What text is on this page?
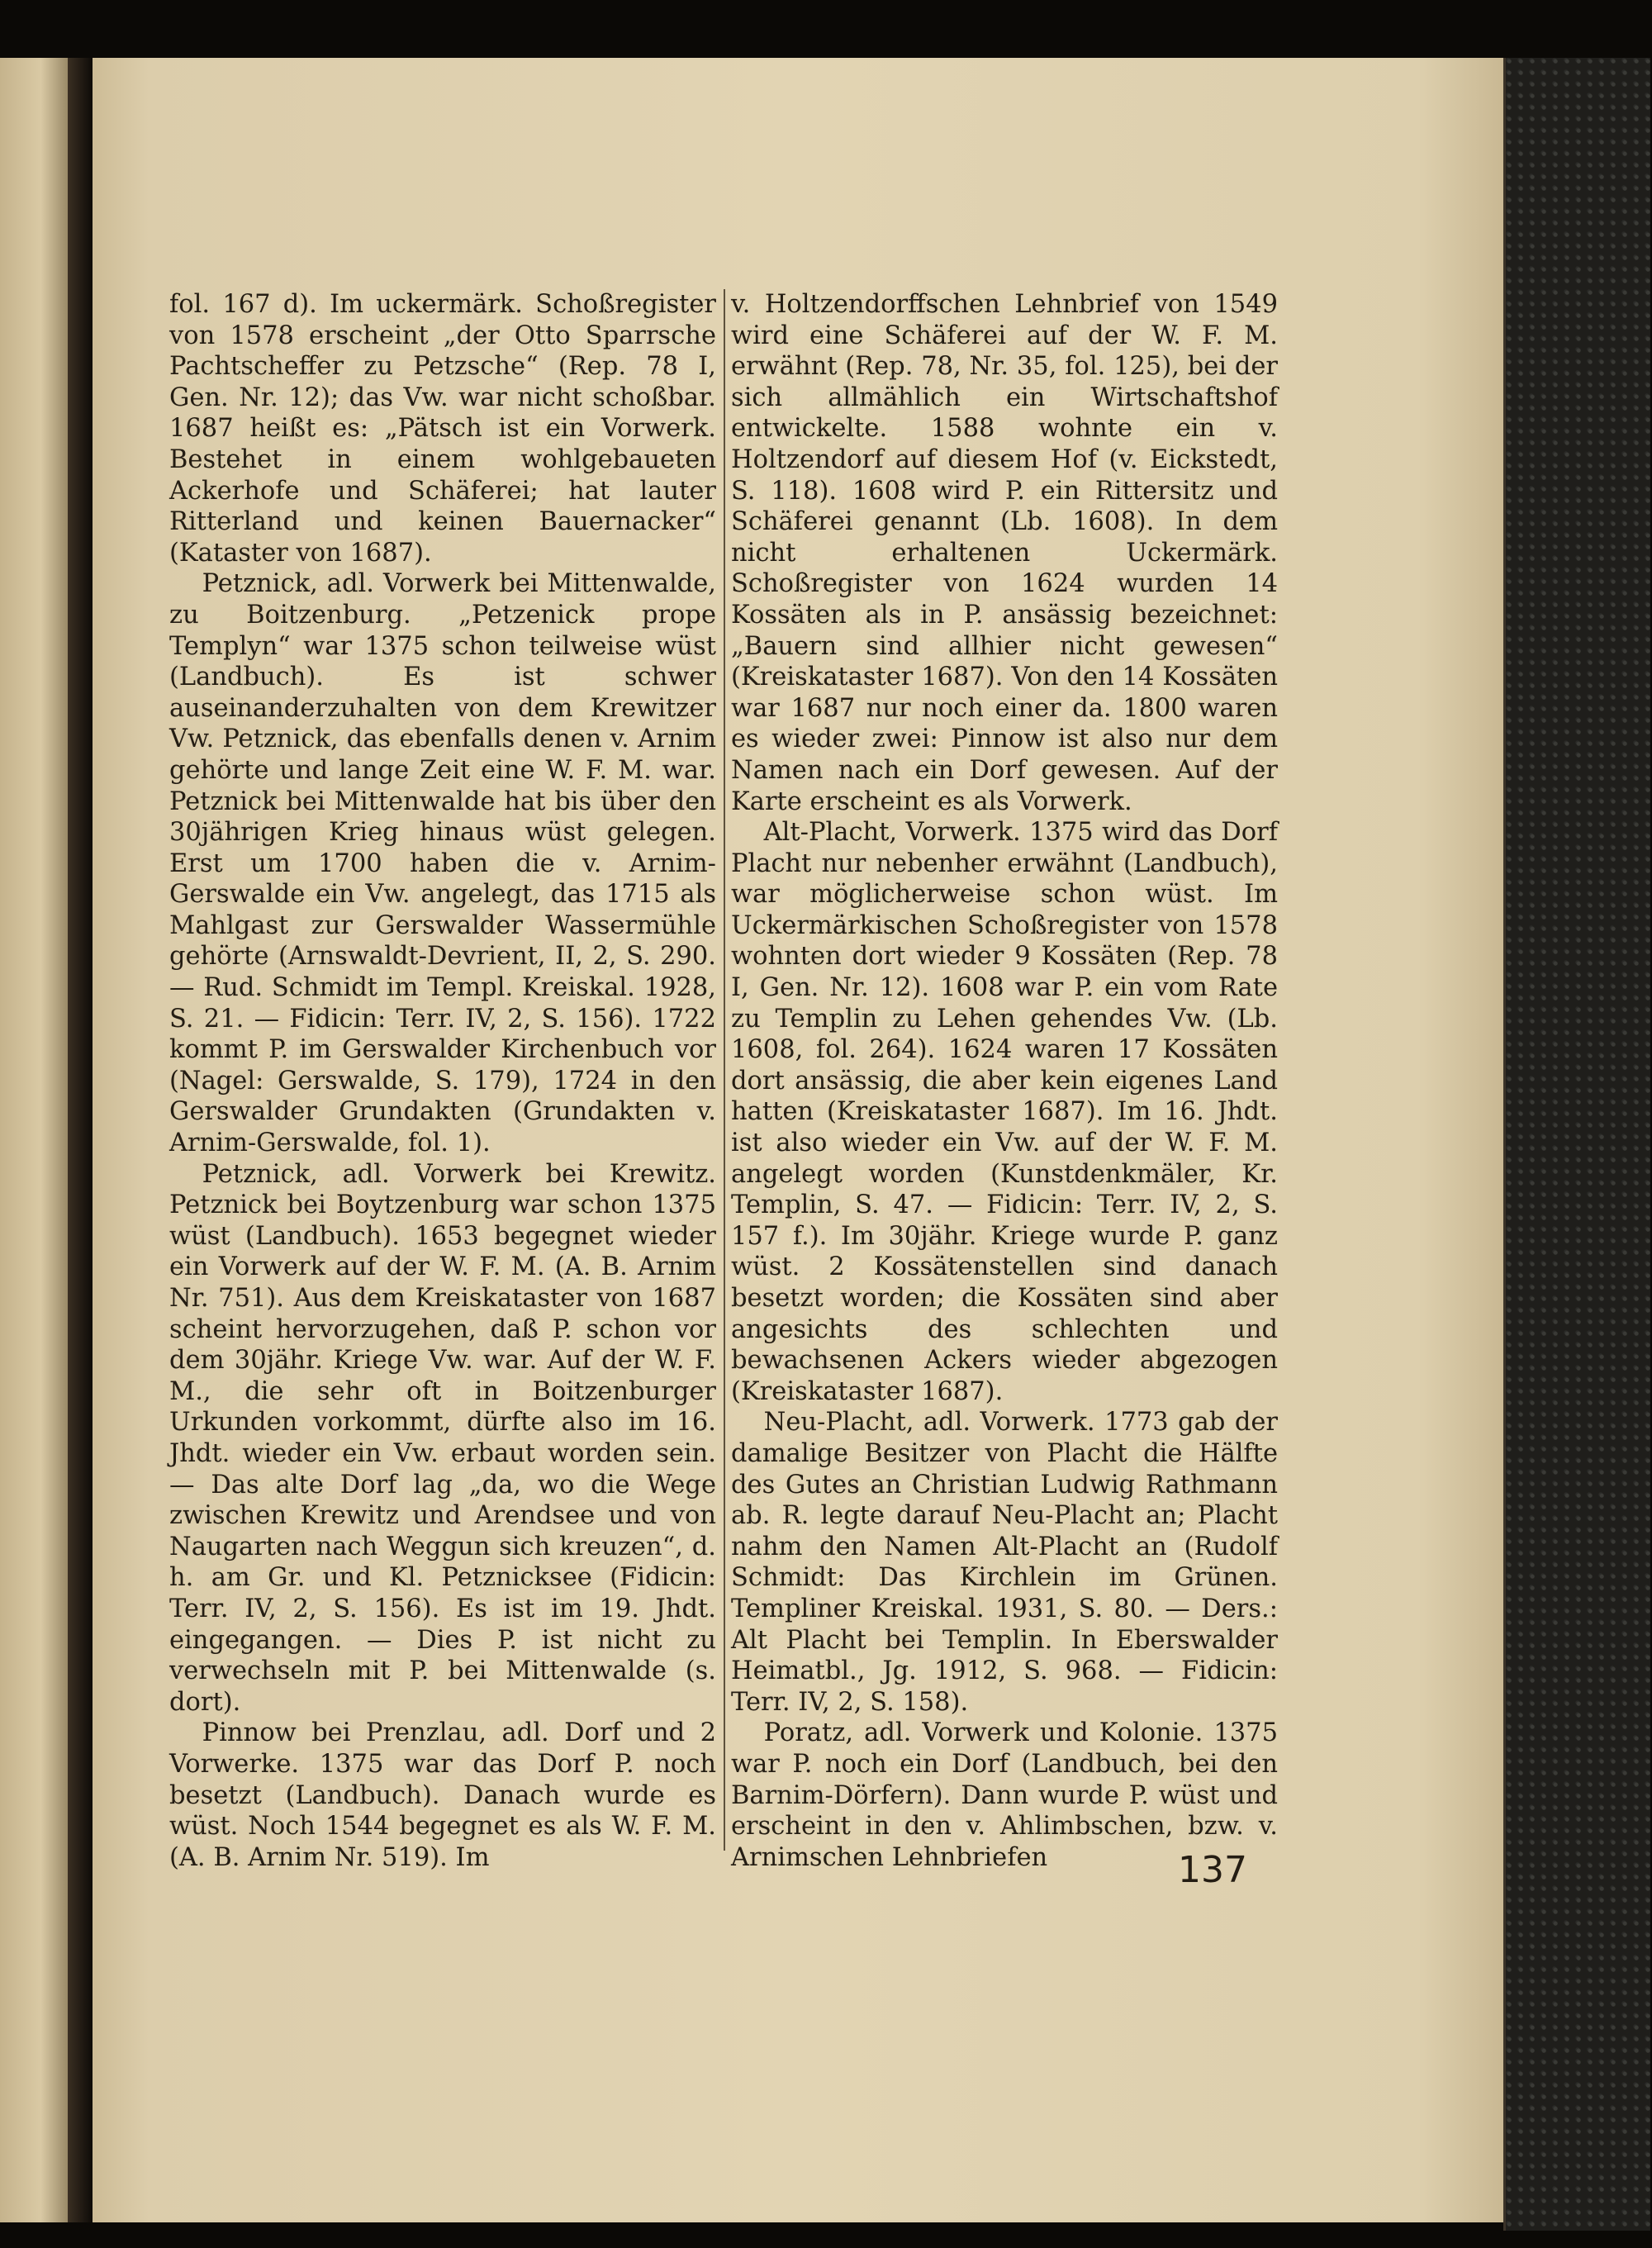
fol. 167 d). Im uckermärk. Schoßregister von 1578 erscheint „der Otto Sparrsche Pachtscheffer zu Petzsche“ (Rep. 78 I, Gen. Nr. 12); das Vw. war nicht schoßbar. 1687 heißt es: „Pätsch ist ein Vorwerk. Bestehet in einem wohlgebaueten Ackerhofe und Schäferei; hat lauter Ritterland und keinen Bauernacker“ (Kataster von 1687).

Petznick, adl. Vorwerk bei Mittenwalde, zu Boitzenburg. „Petzenick prope Templyn“ war 1375 schon teilweise wüst (Landbuch). Es ist schwer auseinanderzuhalten von dem Krewitzer Vw. Petznick, das ebenfalls denen v. Arnim gehörte und lange Zeit eine W. F. M. war. Petznick bei Mittenwalde hat bis über den 30jährigen Krieg hinaus wüst gelegen. Erst um 1700 haben die v. Arnim-Gerswalde ein Vw. angelegt, das 1715 als Mahlgast zur Gerswalder Wassermühle gehörte (Arnswaldt-Devrient, II, 2, S. 290. — Rud. Schmidt im Templ. Kreiskal. 1928, S. 21. — Fidicin: Terr. IV, 2, S. 156). 1722 kommt P. im Gerswalder Kirchenbuch vor (Nagel: Gerswalde, S. 179), 1724 in den Gerswalder Grundakten (Grundakten v. Arnim-Gerswalde, fol. 1).

Petznick, adl. Vorwerk bei Krewitz. Petznick bei Boytzenburg war schon 1375 wüst (Landbuch). 1653 begegnet wieder ein Vorwerk auf der W. F. M. (A. B. Arnim Nr. 751). Aus dem Kreiskataster von 1687 scheint hervorzugehen, daß P. schon vor dem 30jähr. Kriege Vw. war. Auf der W. F. M., die sehr oft in Boitzenburger Urkunden vorkommt, dürfte also im 16. Jhdt. wieder ein Vw. erbaut worden sein. — Das alte Dorf lag „da, wo die Wege zwischen Krewitz und Arendsee und von Naugarten nach Weggun sich kreuzen“, d. h. am Gr. und Kl. Petznicksee (Fidicin: Terr. IV, 2, S. 156). Es ist im 19. Jhdt. eingegangen. — Dies P. ist nicht zu verwechseln mit P. bei Mittenwalde (s. dort).

Pinnow bei Prenzlau, adl. Dorf und 2 Vorwerke. 1375 war das Dorf P. noch besetzt (Landbuch). Danach wurde es wüst. Noch 1544 begegnet es als W. F. M. (A. B. Arnim Nr. 519). Im

v. Holtzendorffschen Lehnbrief von 1549 wird eine Schäferei auf der W. F. M. erwähnt (Rep. 78, Nr. 35, fol. 125), bei der sich allmählich ein Wirtschaftshof entwickelte. 1588 wohnte ein v. Holtzendorf auf diesem Hof (v. Eickstedt, S. 118). 1608 wird P. ein Rittersitz und Schäferei genannt (Lb. 1608). In dem nicht erhaltenen Uckermärk. Schoßregister von 1624 wurden 14 Kossäten als in P. ansässig bezeichnet: „Bauern sind allhier nicht gewesen“ (Kreiskataster 1687). Von den 14 Kossäten war 1687 nur noch einer da. 1800 waren es wieder zwei: Pinnow ist also nur dem Namen nach ein Dorf gewesen. Auf der Karte erscheint es als Vorwerk.

Alt-Placht, Vorwerk. 1375 wird das Dorf Placht nur nebenher erwähnt (Landbuch), war möglicherweise schon wüst. Im Uckermärkischen Schoßregister von 1578 wohnten dort wieder 9 Kossäten (Rep. 78 I, Gen. Nr. 12). 1608 war P. ein vom Rate zu Templin zu Lehen gehendes Vw. (Lb. 1608, fol. 264). 1624 waren 17 Kossäten dort ansässig, die aber kein eigenes Land hatten (Kreiskataster 1687). Im 16. Jhdt. ist also wieder ein Vw. auf der W. F. M. angelegt worden (Kunstdenkmäler, Kr. Templin, S. 47. — Fidicin: Terr. IV, 2, S. 157 f.). Im 30jähr. Kriege wurde P. ganz wüst. 2 Kossätenstellen sind danach besetzt worden; die Kossäten sind aber angesichts des schlechten und bewachsenen Ackers wieder abgezogen (Kreiskataster 1687).

Neu-Placht, adl. Vorwerk. 1773 gab der damalige Besitzer von Placht die Hälfte des Gutes an Christian Ludwig Rathmann ab. R. legte darauf Neu-Placht an; Placht nahm den Namen Alt-Placht an (Rudolf Schmidt: Das Kirchlein im Grünen. Templiner Kreiskal. 1931, S. 80. — Ders.: Alt Placht bei Templin. In Eberswalder Heimatbl., Jg. 1912, S. 968. — Fidicin: Terr. IV, 2, S. 158).

Poratz, adl. Vorwerk und Kolonie. 1375 war P. noch ein Dorf (Landbuch, bei den Barnim-Dörfern). Dann wurde P. wüst und erscheint in den v. Ahlimbschen, bzw. v. Arnimschen Lehnbriefen	137
